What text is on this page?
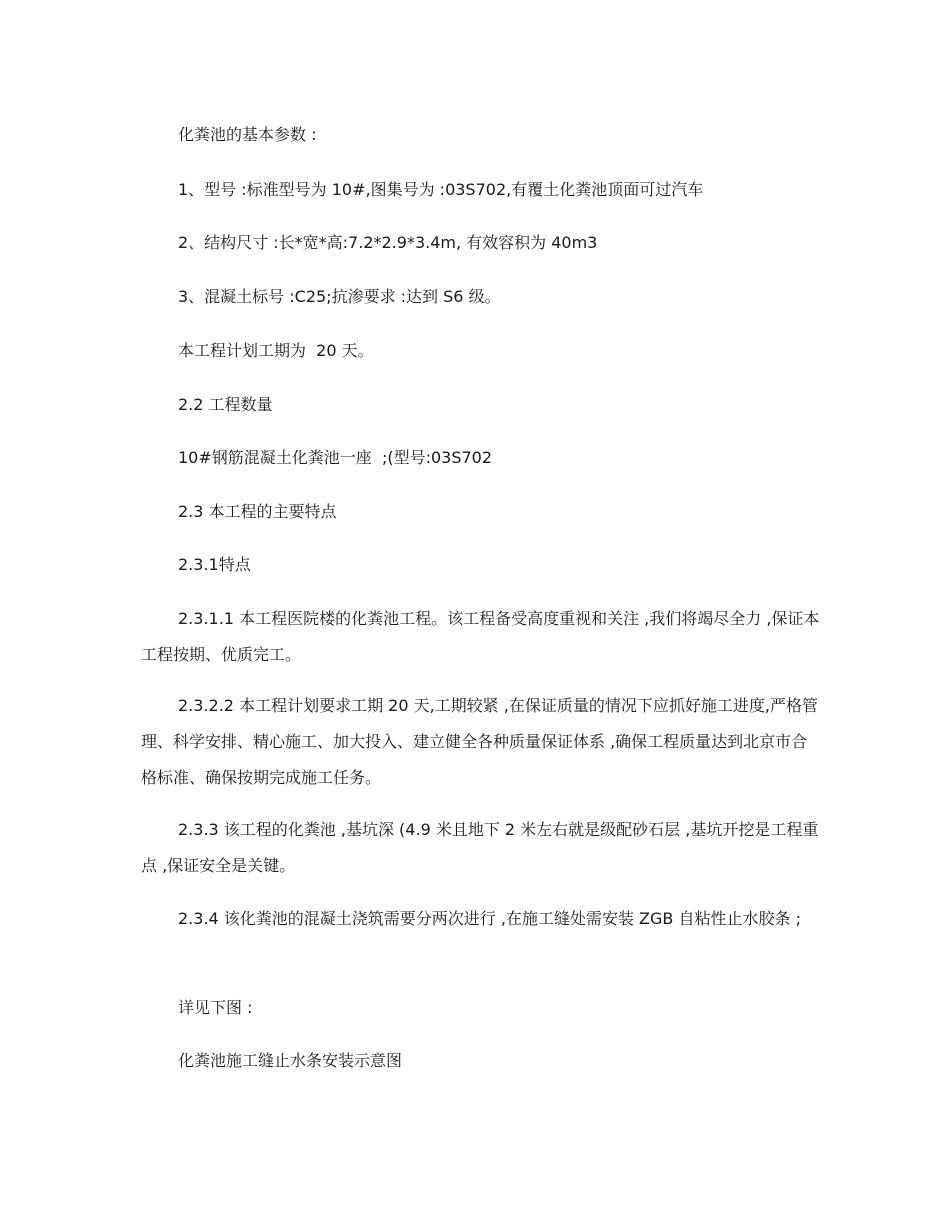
化粪池的基本参数 :
1、型号 :标准型号为 10#,图集号为 :03S702,有覆土化粪池顶面可过汽车
2、结构尺寸 :长*宽*高:7.2*2.9*3.4m, 有效容积为 40m3
3、混凝土标号 :C25;抗渗要求 :达到 S6 级。
本工程计划工期为  20 天。
2.2 工程数量
10#钢筋混凝土化粪池一座  ;(型号:03S702
2.3 本工程的主要特点
2.3.1特点

2.3.1.1 本工程医院楼的化粪池工程。该工程备受高度重视和关注 ,我们将竭尽全力 ,保证本工程按期、优质完工。

2.3.2.2 本工程计划要求工期 20 天,工期较紧 ,在保证质量的情况下应抓好施工进度,严格管理、科学安排、精心施工、加大投入、建立健全各种质量保证体系 ,确保工程质量达到北京市合格标准、确保按期完成施工任务。

2.3.3 该工程的化粪池 ,基坑深 (4.9 米且地下 2 米左右就是级配砂石层 ,基坑开挖是工程重点 ,保证安全是关键。

2.3.4 该化粪池的混凝土浇筑需要分两次进行 ,在施工缝处需安装 ZGB 自粘性止水胶条 ;

详见下图 :
化粪池施工缝止水条安装示意图
